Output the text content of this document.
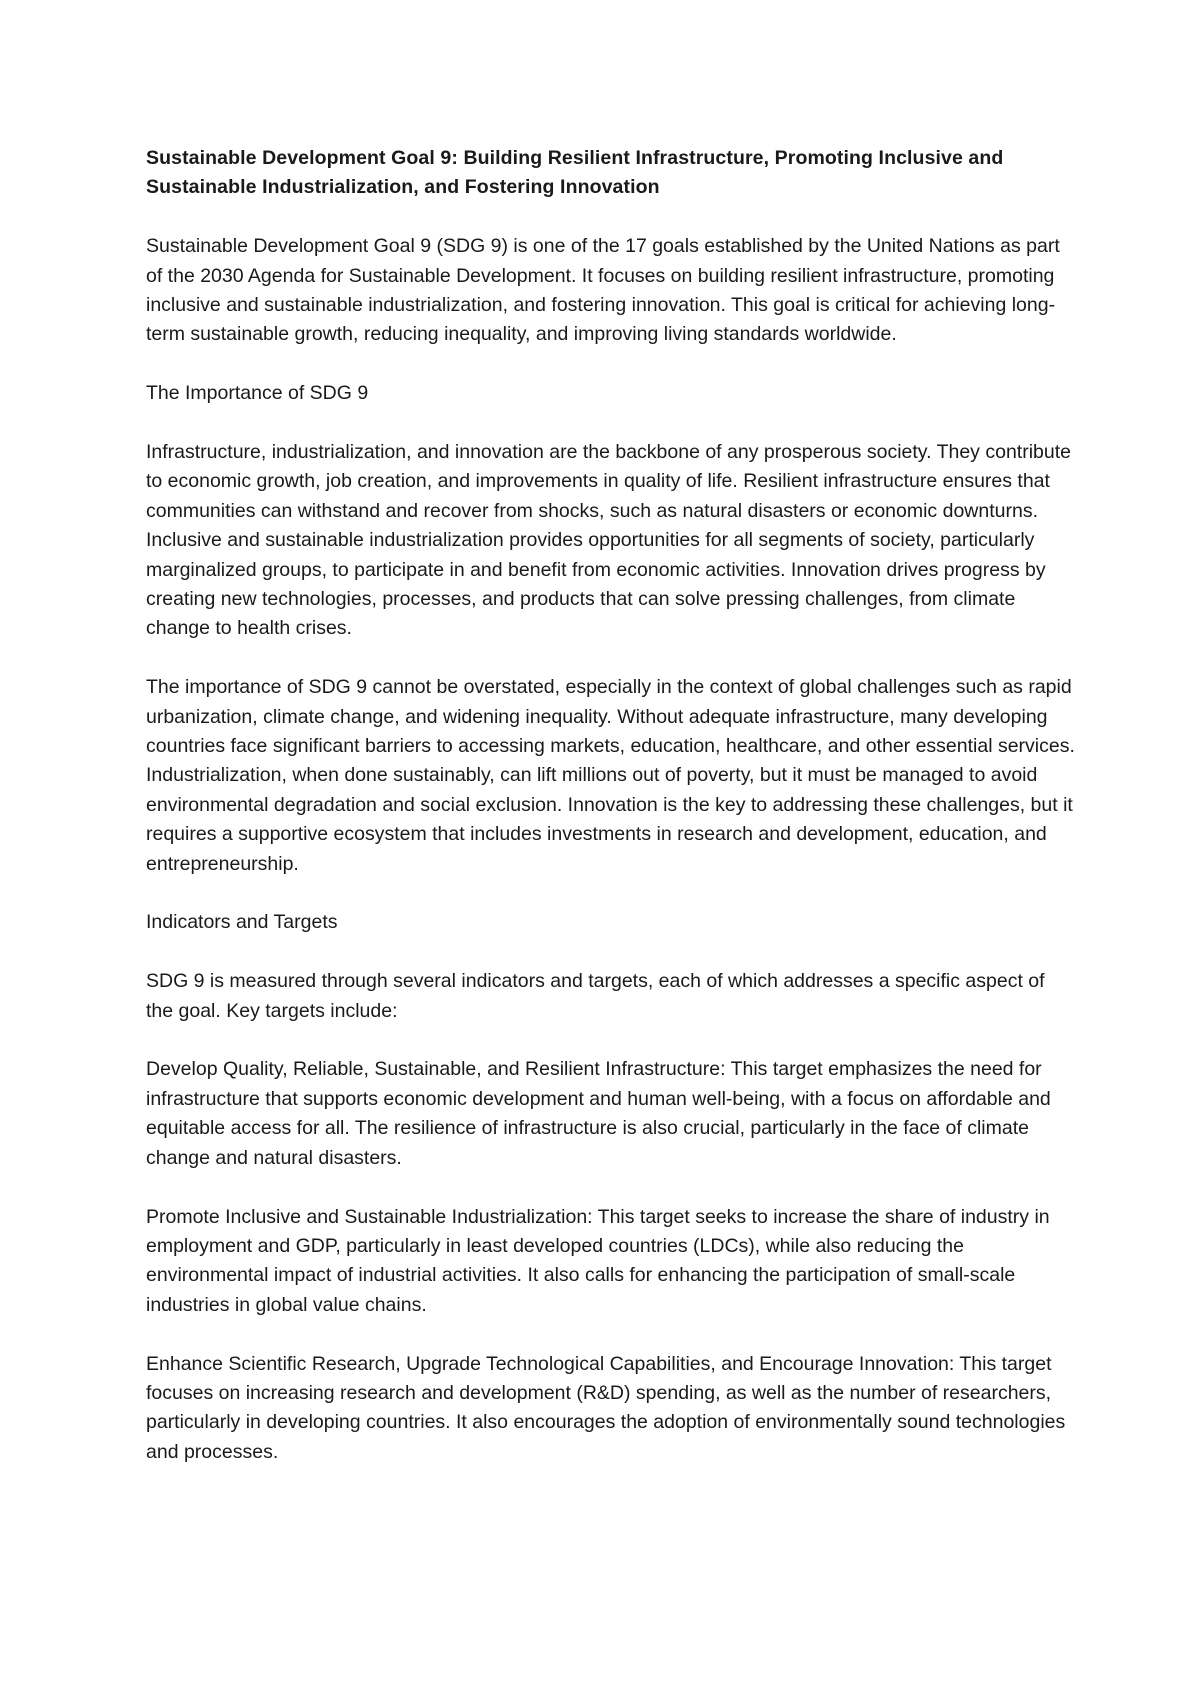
Sustainable Development Goal 9: Building Resilient Infrastructure, Promoting Inclusive and Sustainable Industrialization, and Fostering Innovation

Sustainable Development Goal 9 (SDG 9) is one of the 17 goals established by the United Nations as part of the 2030 Agenda for Sustainable Development. It focuses on building resilient infrastructure, promoting inclusive and sustainable industrialization, and fostering innovation. This goal is critical for achieving long-term sustainable growth, reducing inequality, and improving living standards worldwide.

The Importance of SDG 9

Infrastructure, industrialization, and innovation are the backbone of any prosperous society. They contribute to economic growth, job creation, and improvements in quality of life. Resilient infrastructure ensures that communities can withstand and recover from shocks, such as natural disasters or economic downturns. Inclusive and sustainable industrialization provides opportunities for all segments of society, particularly marginalized groups, to participate in and benefit from economic activities. Innovation drives progress by creating new technologies, processes, and products that can solve pressing challenges, from climate change to health crises.

The importance of SDG 9 cannot be overstated, especially in the context of global challenges such as rapid urbanization, climate change, and widening inequality. Without adequate infrastructure, many developing countries face significant barriers to accessing markets, education, healthcare, and other essential services. Industrialization, when done sustainably, can lift millions out of poverty, but it must be managed to avoid environmental degradation and social exclusion. Innovation is the key to addressing these challenges, but it requires a supportive ecosystem that includes investments in research and development, education, and entrepreneurship.

Indicators and Targets

SDG 9 is measured through several indicators and targets, each of which addresses a specific aspect of the goal. Key targets include:

Develop Quality, Reliable, Sustainable, and Resilient Infrastructure: This target emphasizes the need for infrastructure that supports economic development and human well-being, with a focus on affordable and equitable access for all. The resilience of infrastructure is also crucial, particularly in the face of climate change and natural disasters.

Promote Inclusive and Sustainable Industrialization: This target seeks to increase the share of industry in employment and GDP, particularly in least developed countries (LDCs), while also reducing the environmental impact of industrial activities. It also calls for enhancing the participation of small-scale industries in global value chains.

Enhance Scientific Research, Upgrade Technological Capabilities, and Encourage Innovation: This target focuses on increasing research and development (R&D) spending, as well as the number of researchers, particularly in developing countries. It also encourages the adoption of environmentally sound technologies and processes.
